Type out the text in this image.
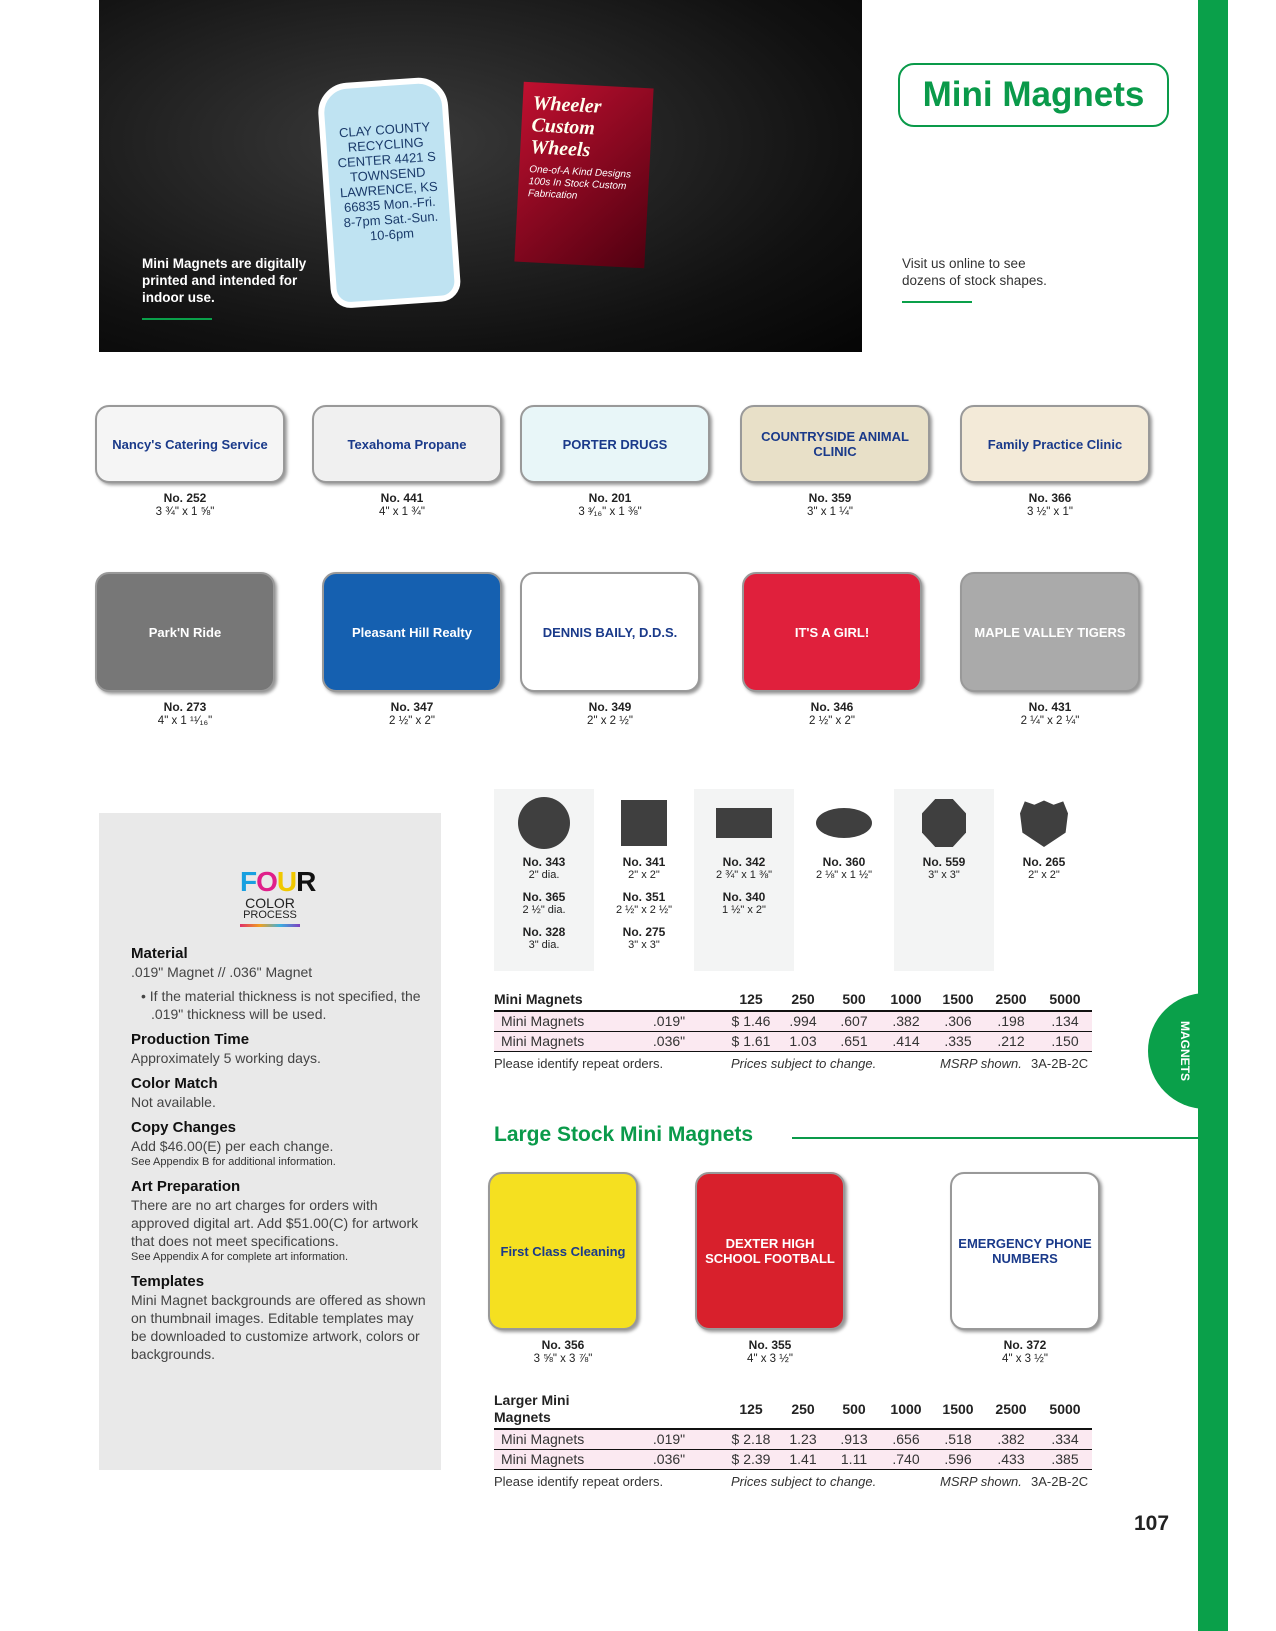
CLAY COUNTY RECYCLING CENTER 4421 S TOWNSEND LAWRENCE, KS 66835 Mon.-Fri. 8-7pm Sat.-Sun. 10-6pm
Wheeler Custom Wheels
One-of-A Kind Designs 100s In Stock Custom Fabrication
Mini Magnets are digitally printed and intended for indoor use.
Mini Magnets
Visit us online to see dozens of stock shapes.
MAGNETS
Nancy's Catering Service
No. 252
3 ¾" x 1 ⅝"
Texahoma Propane
No. 441
4" x 1 ¾"
PORTER DRUGS
No. 201
3 ³⁄₁₆" x 1 ⅜"
COUNTRYSIDE ANIMAL CLINIC
No. 359
3" x 1 ¼"
Family Practice Clinic
No. 366
3 ½" x 1"
Park'N Ride
No. 273
4" x 1 ¹¹⁄₁₆"
Pleasant Hill Realty
No. 347
2 ½" x 2"
DENNIS BAILY, D.D.S.
No. 349
2" x 2 ½"
IT'S A GIRL!
No. 346
2 ½" x 2"
MAPLE VALLEY TIGERS
No. 431
2 ¼" x 2 ¼"
First Class Cleaning
No. 356
3 ⅝" x 3 ⅞"
DEXTER HIGH SCHOOL FOOTBALL
No. 355
4" x 3 ½"
EMERGENCY PHONE NUMBERS
No. 372
4" x 3 ½"
FOUR
COLOR
PROCESS
Material

.019" Magnet // .036" Magnet

• If the material thickness is not specified, the .019" thickness will be used.

Production Time

Approximately 5 working days.

Color Match

Not available.

Copy Changes

Add $46.00(E) per each change.

See Appendix B for additional information.

Art Preparation

There are no art charges for orders with approved digital art. Add $51.00(C) for artwork that does not meet specifications.

See Appendix A for complete art information.

Templates

Mini Magnet backgrounds are offered as shown on thumbnail images. Editable templates may be downloaded to customize artwork, colors or backgrounds.

No. 343
2" dia.
No. 365
2 ½" dia.
No. 328
3" dia.
No. 341
2" x 2"
No. 351
2 ½" x 2 ½"
No. 275
3" x 3"
No. 342
2 ¾" x 1 ⅜"
No. 340
1 ½" x 2"
No. 360
2 ⅛" x 1 ½"
No. 559
3" x 3"
No. 265
2" x 2"
Mini Magnets		125	250	500	1000	1500	2500	5000
Mini Magnets	.019"	$ 1.46	.994	.607	.382	.306	.198	.134
Mini Magnets	.036"	$ 1.61	1.03	.651	.414	.335	.212	.150
Please identify repeat orders.	Prices subject to change.	MSRP shown. 3A-2B-2C
Larger Mini Magnets		125	250	500	1000	1500	2500	5000
Mini Magnets	.019"	$ 2.18	1.23	.913	.656	.518	.382	.334
Mini Magnets	.036"	$ 2.39	1.41	1.11	.740	.596	.433	.385
Please identify repeat orders.	Prices subject to change.	MSRP shown. 3A-2B-2C
Large Stock Mini Magnets
107
